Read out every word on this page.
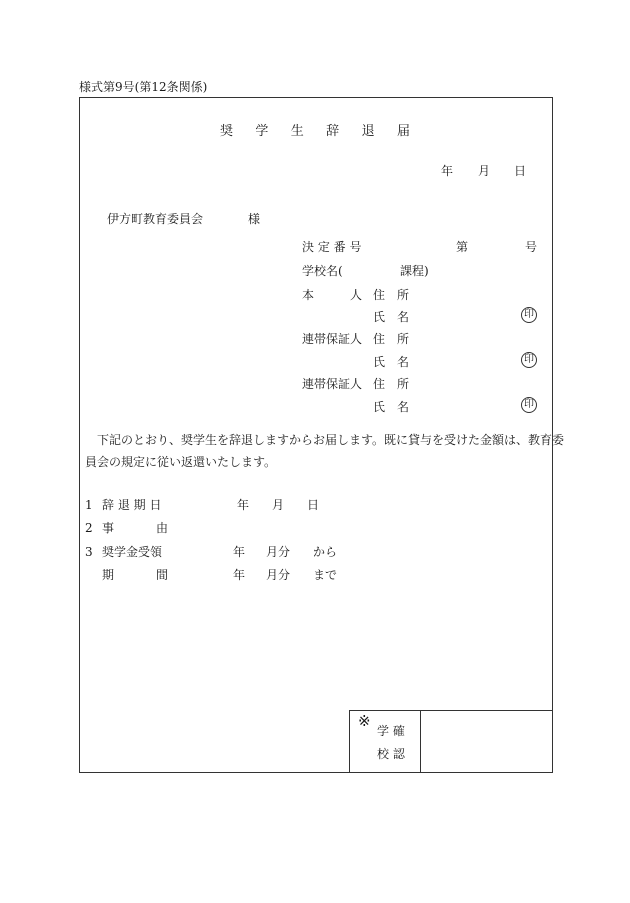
様式第9号(第12条関係)
奨 学 生 辞 退 届
年 月 日
伊方町教育委員会	様
決 定 番 号	第	号
学校名(	課程)
本	人 住　所
氏　名	印
連帯保証人 住　所
氏　名	印
連帯保証人 住　所
氏　名	印
下記のとおり、奨学生を辞退しますからお届します。既に貸与を受けた金額は、教育委
員会の規定に従い返還いたします。
1 辞 退 期 日	年 月 日
2 事	由
3 奨学金受領	年 月分 から
期	間	年 月分 まで
※
学 確
校 認
